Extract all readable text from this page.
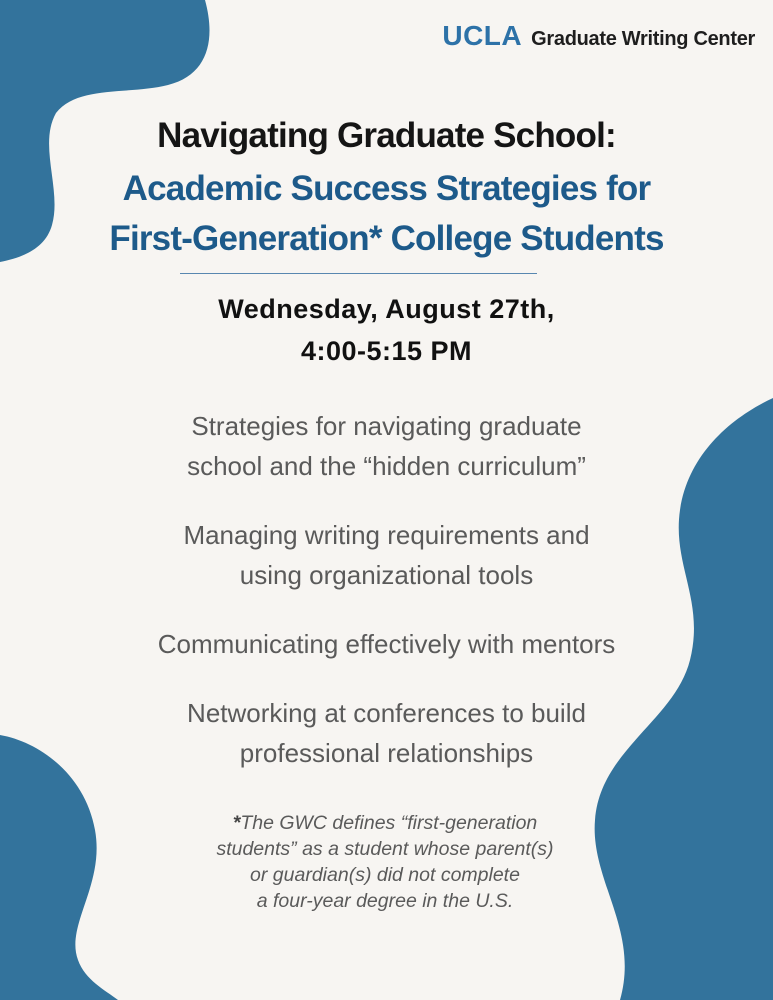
UCLA Graduate Writing Center
Navigating Graduate School:
Academic Success Strategies for
First-Generation* College Students
Wednesday, August 27th,
4:00-5:15 PM
Strategies for navigating graduate
school and the “hidden curriculum”
Managing writing requirements and
using organizational tools
Communicating effectively with mentors
Networking at conferences to build
professional relationships
*The GWC defines “first-generation
students” as a student whose parent(s)
or guardian(s) did not complete
a four-year degree in the U.S.
